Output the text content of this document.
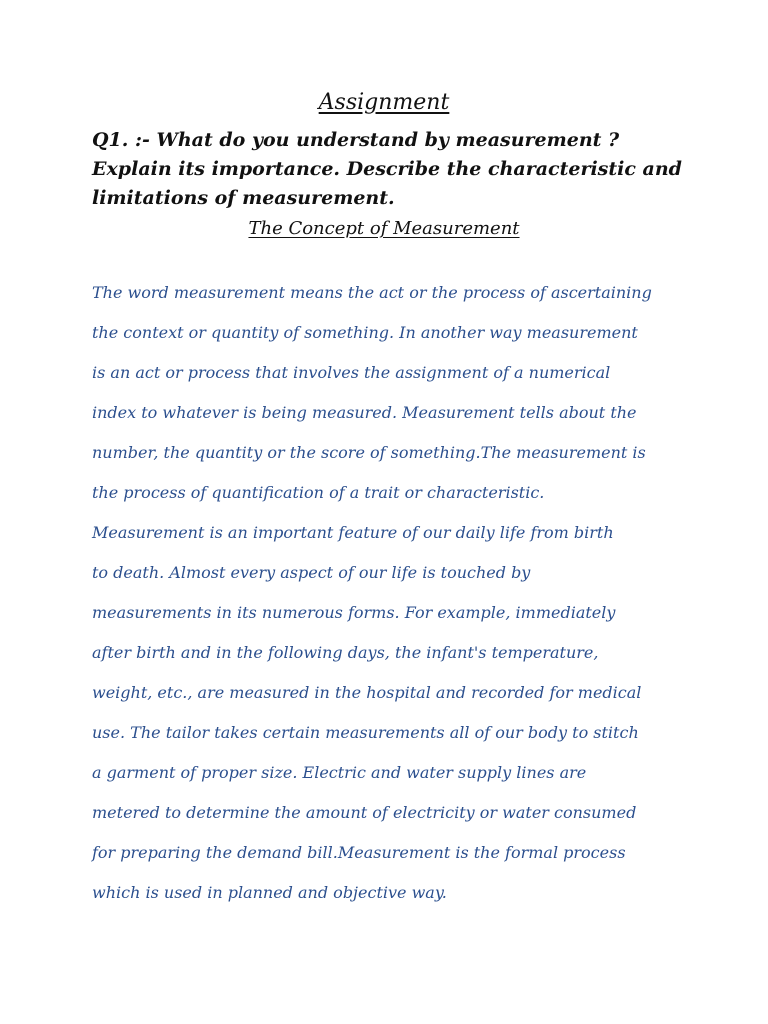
Assignment
Q1. :- What do you understand by measurement ?
Explain its importance. Describe the characteristic and
limitations of measurement.
The Concept of Measurement
The word measurement means the act or the process of ascertaining
the context or quantity of something. In another way measurement
is an act or process that involves the assignment of a numerical
index to whatever is being measured. Measurement tells about the
number, the quantity or the score of something.The measurement is
the process of quantification of a trait or characteristic.
Measurement is an important feature of our daily life from birth
to death. Almost every aspect of our life is touched by
measurements in its numerous forms. For example, immediately
after birth and in the following days, the infant's temperature,
weight, etc., are measured in the hospital and recorded for medical
use. The tailor takes certain measurements all of our body to stitch
a garment of proper size. Electric and water supply lines are
metered to determine the amount of electricity or water consumed
for preparing the demand bill.Measurement is the formal process
which is used in planned and objective way.
